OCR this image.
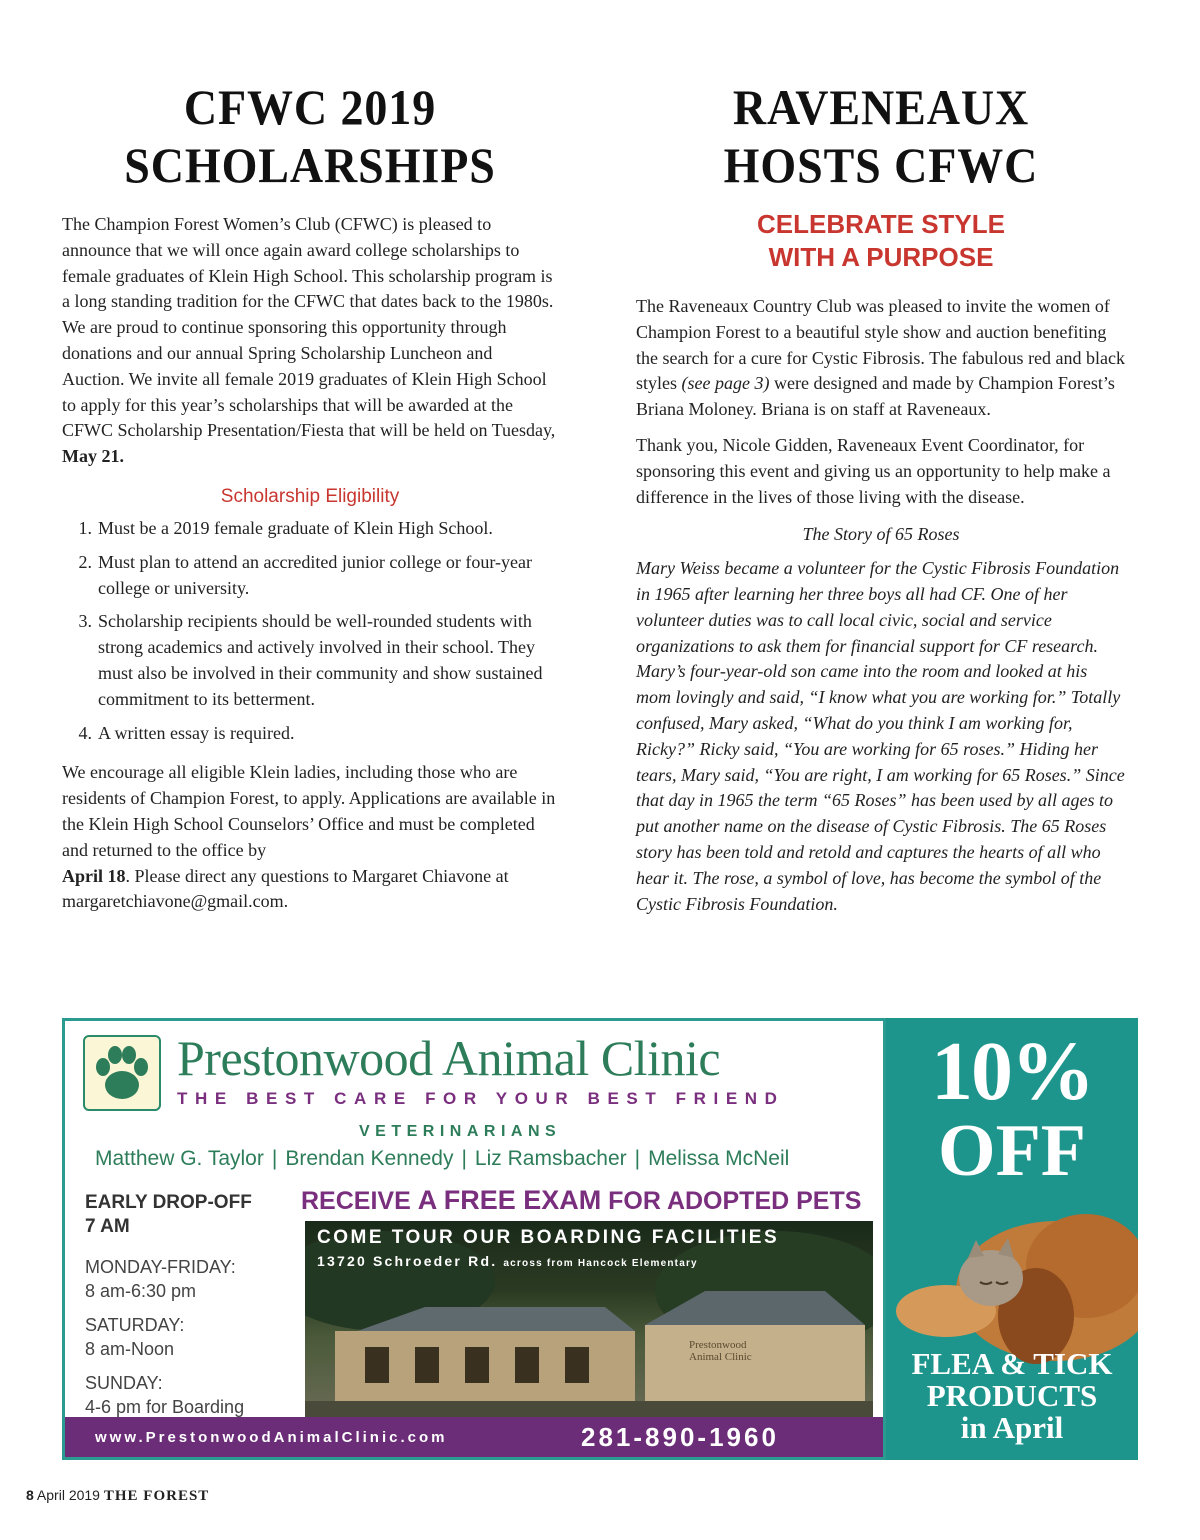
CFWC 2019
SCHOLARSHIPS

The Champion Forest Women’s Club (CFWC) is pleased to announce that we will once again award college scholarships to female graduates of Klein High School. This scholarship program is a long standing tradition for the CFWC that dates back to the 1980s. We are proud to continue sponsoring this opportunity through donations and our annual Spring Scholarship Luncheon and Auction. We invite all female 2019 graduates of Klein High School to apply for this year’s scholarships that will be awarded at the CFWC Scholarship Presentation/Fiesta that will be held on Tuesday, May 21.

Scholarship Eligibility
1. Must be a 2019 female graduate of Klein High School.
2. Must plan to attend an accredited junior college or four-year college or university.
3. Scholarship recipients should be well-rounded students with strong academics and actively involved in their school. They must also be involved in their community and show sustained commitment to its betterment.
4. A written essay is required.

We encourage all eligible Klein ladies, including those who are residents of Champion Forest, to apply. Applications are available in the Klein High School Counselors’ Office and must be completed and returned to the office by
April 18. Please direct any questions to Margaret Chiavone at margaretchiavone@gmail.com.

RAVENEAUX
HOSTS CFWC
CELEBRATE STYLE
WITH A PURPOSE

The Raveneaux Country Club was pleased to invite the women of Champion Forest to a beautiful style show and auction benefiting the search for a cure for Cystic Fibrosis. The fabulous red and black styles (see page 3) were designed and made by Champion Forest’s Briana Moloney. Briana is on staff at Raveneaux.

Thank you, Nicole Gidden, Raveneaux Event Coordinator, for sponsoring this event and giving us an opportunity to help make a difference in the lives of those living with the disease.

The Story of 65 Roses

Mary Weiss became a volunteer for the Cystic Fibrosis Foundation in 1965 after learning her three boys all had CF. One of her volunteer duties was to call local civic, social and service organizations to ask them for financial support for CF research. Mary’s four-year-old son came into the room and looked at his mom lovingly and said, “I know what you are working for.” Totally confused, Mary asked, “What do you think I am working for, Ricky?” Ricky said, “You are working for 65 roses.” Hiding her tears, Mary said, “You are right, I am working for 65 Roses.” Since that day in 1965 the term “65 Roses” has been used by all ages to put another name on the disease of Cystic Fibrosis. The 65 Roses story has been told and retold and captures the hearts of all who hear it. The rose, a symbol of love, has become the symbol of the Cystic Fibrosis Foundation.

Prestonwood Animal Clinic
THE BEST CARE FOR YOUR BEST FRIEND
VETERINARIANS
Matthew G. Taylor | Brendan Kennedy | Liz Ramsbacher | Melissa McNeil
EARLY DROP-OFF
7 AM
MONDAY-FRIDAY:
8 am-6:30 pm
SATURDAY:
8 am-Noon
SUNDAY:
4-6 pm for Boarding
RECEIVE A FREE EXAM FOR ADOPTED PETS
COME TOUR OUR BOARDING FACILITIES
13720 Schroeder Rd. across from Hancock Elementary
Prestonwood
Animal Clinic
www.PrestonwoodAnimalClinic.com	281-890-1960
10%
OFF
FLEA & TICK
PRODUCTS
in April
8 April 2019 THE FOREST
